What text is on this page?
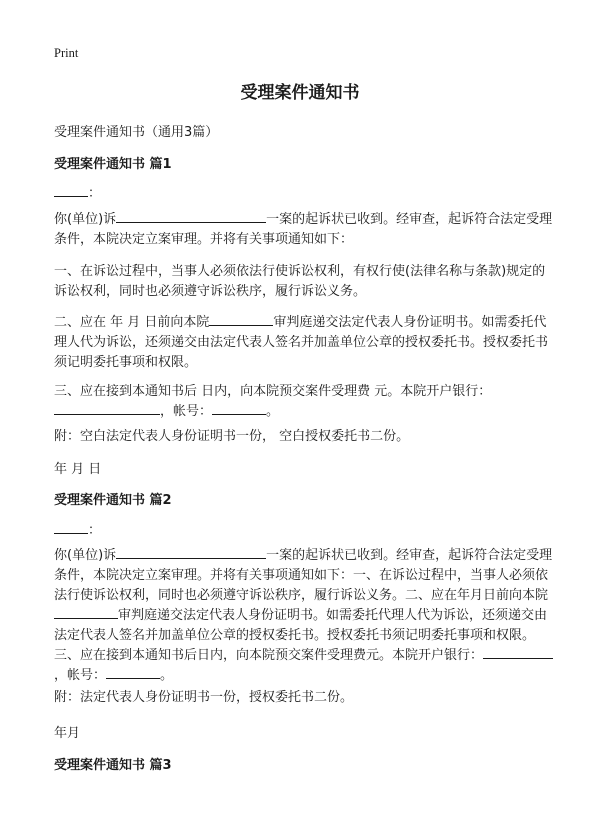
Print
受理案件通知书
受理案件通知书（通用3篇）
受理案件通知书 篇1
：
你(单位)诉	一案的起诉状已收到。经审查，起诉符合法定受理条件，本院决定立案审理。并将有关事项通知如下：
一、在诉讼过程中，当事人必须依法行使诉讼权利，有权行使(法律名称与条款)规定的诉讼权利，同时也必须遵守诉讼秩序，履行诉讼义务。
二、应在 年 月 日前向本院	审判庭递交法定代表人身份证明书。如需委托代理人代为诉讼，还须递交由法定代表人签名并加盖单位公章的授权委托书。授权委托书须记明委托事项和权限。
三、应在接到本通知书后 日内，向本院预交案件受理费 元。本院开户银行：
，帐号：	。
附：空白法定代表人身份证明书一份， 空白授权委托书二份。
年 月 日
受理案件通知书 篇2
：
你(单位)诉	一案的起诉状已收到。经审查，起诉符合法定受理条件，本院决定立案审理。并将有关事项通知如下：一、在诉讼过程中，当事人必须依法行使诉讼权利，同时也必须遵守诉讼秩序，履行诉讼义务。二、应在年月日前向本院审判庭递交法定代表人身份证明书。如需委托代理人代为诉讼，还须递交由法定代表人签名并加盖单位公章的授权委托书。授权委托书须记明委托事项和权限。三、应在接到本通知书后日内，向本院预交案件受理费元。本院开户银行：，帐号：	。
附：法定代表人身份证明书一份，授权委托书二份。
年月
受理案件通知书 篇3
